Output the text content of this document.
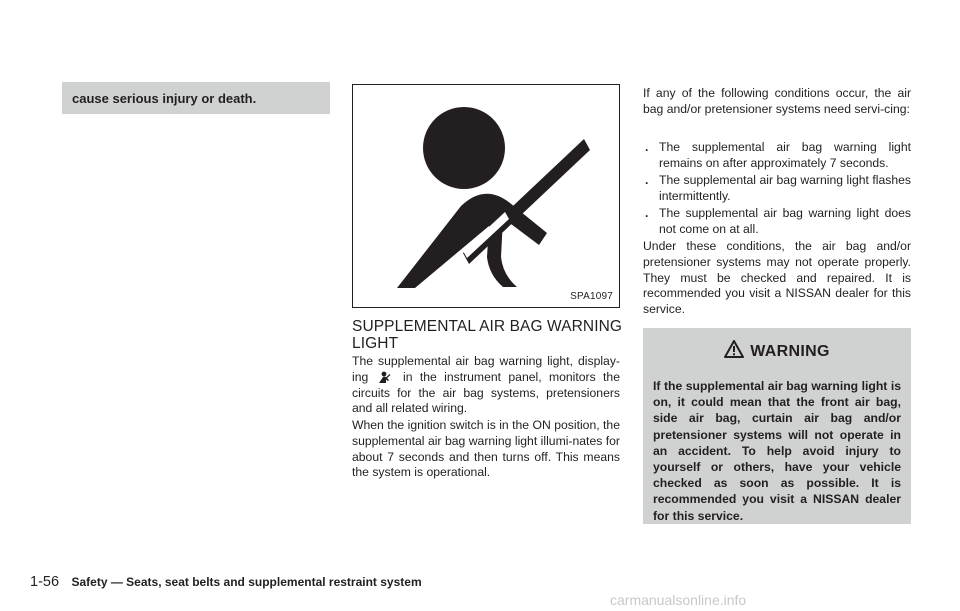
cause serious injury or death.
SPA1097
SUPPLEMENTAL AIR BAG WARNING LIGHT
The supplemental air bag warning light, display-ing  in the instrument panel, monitors the circuits for the air bag systems, pretensioners and all related wiring.
When the ignition switch is in the ON position, the supplemental air bag warning light illumi-nates for about 7 seconds and then turns off. This means the system is operational.
If any of the following conditions occur, the air bag and/or pretensioner systems need servi-cing:
. The supplemental air bag warning light remains on after approximately 7 seconds.
. The supplemental air bag warning light flashes intermittently.
. The supplemental air bag warning light does not come on at all.
Under these conditions, the air bag and/or pretensioner systems may not operate properly. They must be checked and repaired. It is recommended you visit a NISSAN dealer for this service.
WARNING
If the supplemental air bag warning light is on, it could mean that the front air bag, side air bag, curtain air bag and/or pretensioner systems will not operate in an accident. To help avoid injury to yourself or others, have your vehicle checked as soon as possible. It is recommended you visit a NISSAN dealer for this service.
1-56 Safety — Seats, seat belts and supplemental restraint system
carmanualsonline.info
